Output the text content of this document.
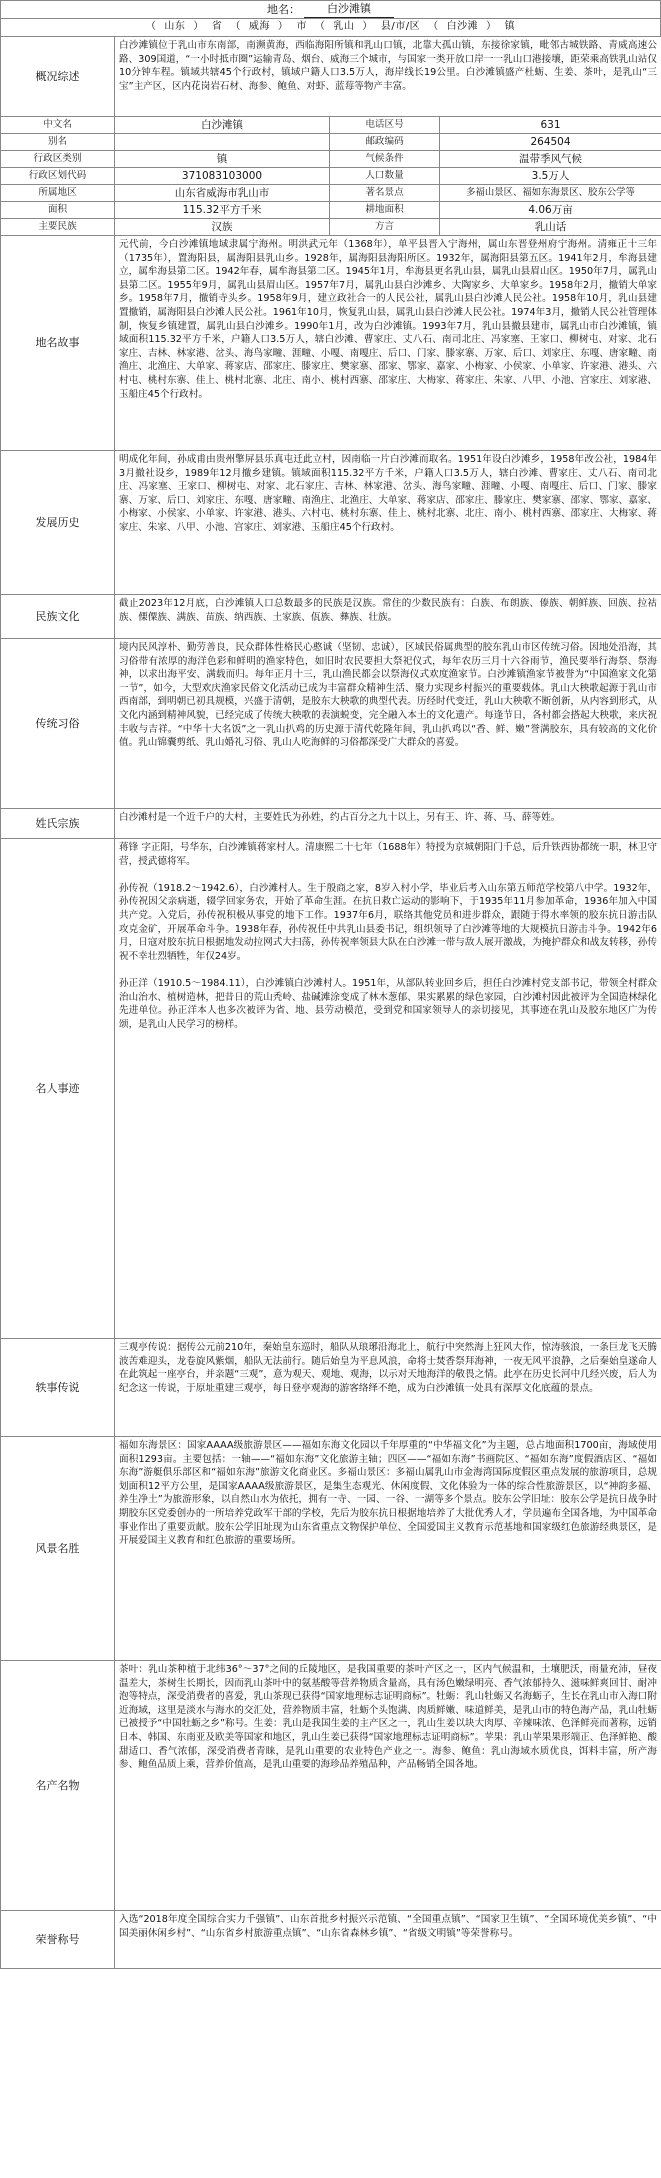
地名：	白沙滩镇
（ 山东 ） 省 （ 威海 ） 市 （ 乳山 ） 县/市/区 （ 白沙滩 ） 镇
概况综述	白沙滩镇位于乳山市东南部，南濒黄海，西临海阳所镇和乳山口镇，北靠大孤山镇，东接徐家镇，毗邻古城铁路、青威高速公路、309国道，“一小时抵市圈”运输青岛、烟台、威海三个城市，与国家一类开放口岸一一乳山口港接壤，距荣乘高铁乳山站仅10分钟车程。镇域共辖45个行政村，镇域户籍人口3.5万人，海岸线长19公里。白沙滩镇盛产杜蛎、生姜、茶叶，是乳山“三宝”主产区，区内花岗岩石材、海参、鲍鱼、对虾、蓝莓等物产丰富。		
中文名	白沙滩镇	电话区号	631
别名		邮政编码	264504
行政区类别	镇	气候条件	温带季风气候
行政区划代码	371083103000	人口数量	3.5万人
所属地区	山东省威海市乳山市	著名景点	多福山景区、福如东海景区、胶东公学等
面积	115.32平方千米	耕地面积	4.06万亩
主要民族	汉族	方言	乳山话
地名故事	元代前，今白沙滩镇地域隶属宁海州。明洪武元年（1368年），单平县晋入宁海州，属山东晋登州府宁海州。清雍正十三年（1735年），置海阳县，属海阳县乳山乡。1928年，属海阳县海阳所区。1932年，属海阳县第五区。1941年2月，牟海县建立，属牟海县第二区。1942年春，属牟海县第二区。1945年1月，牟海县更名乳山县，属乳山县眉山区。1950年7月，属乳山县第二区。1955年9月，属乳山县眉山区。1957年7月，属乳山县白沙滩乡、大陶家乡、大单家乡。1958年2月，撤销大单家乡。1958年7月，撤销寺头乡。1958年9月，建立政社合一的人民公社，属乳山县白沙滩人民公社。1958年10月，乳山县建置撤销，属海阳县白沙滩人民公社。1961年10月，恢复乳山县，属乳山县白沙滩人民公社。1974年3月，撤销人民公社管理体制，恢复乡镇建置，属乳山县白沙滩乡。1990年1月，改为白沙滩镇。1993年7月，乳山县撤县建市，属乳山市白沙滩镇，镇域面积115.32平方千米，户籍人口3.5万人，辖白沙滩、曹家庄、丈八石、南司北庄、冯家塞、王家口、柳树屯、对家、北石家庄、吉林、林家港、岔头、海鸟家疃、涯疃、小嘎、南嘎庄、后口、门家、滕家寨、万家、后口、刘家庄、东嘎、唐家疃、南渔庄、北渔庄、大单家、蒋家店、邵家庄、滕家庄、樊家寨、邵家、鄂家、嘉家、小梅家、小侯家、小单家、许家港、港头、六村屯、桃村东寨、佳上、桃村北寨、北庄、南小、桃村西寨、邵家庄、大梅家、蒋家庄、朱家、八甲、小池、宫家庄、刘家港、玉船庄45个行政村。		
发展历史	明成化年间，孙成甫由贵州擎屏县乐真屯迁此立村，因南临一片白沙滩而取名。1951年设白沙滩乡，1958年改公社，1984年3月撤社设乡，1989年12月撤乡建镇。镇域面积115.32平方千米，户籍人口3.5万人，辖白沙滩、曹家庄、丈八石、南司北庄、冯家塞、王家口、柳树屯、对家、北石家庄、吉林、林家港、岔头、海鸟家疃、涯疃、小嘎、南嘎庄、后口、门家、滕家寨、万家、后口、刘家庄、东嘎、唐家疃、南渔庄、北渔庄、大单家、蒋家店、邵家庄、滕家庄、樊家寨、邵家、鄂家、嘉家、小梅家、小侯家、小单家、许家港、港头、六村屯、桃村东寨、佳上、桃村北寨、北庄、南小、桃村西寨、邵家庄、大梅家、蒋家庄、朱家、八甲、小池、宫家庄、刘家港、玉船庄45个行政村。		
民族文化	截止2023年12月底，白沙滩镇人口总数最多的民族是汉族。常住的少数民族有：白族、布朗族、傣族、朝鲜族、回族、拉祜族、傈僳族、满族、苗族、纳西族、土家族、佤族、彝族、壮族。		
传统习俗	境内民风淳朴、勤劳善良，民众群体性格民心憨诚（坚韧、忠诚），区域民俗属典型的胶东乳山市区传统习俗。因地处沿海，其习俗带有浓厚的海洋色彩和鲜明的渔家特色，如旧时农民要担大祭祀仪式，每年农历三月十六谷雨节，渔民要举行海祭、祭海神，以求出海平安、满载而归。每年正月十三，乳山渔民都会以祭海仪式欢度渔家节。白沙滩镇渔家节被誉为“中国渔家文化第一节”，如今，大型欢庆渔家民俗文化活动已成为丰富群众精神生活、聚力实现乡村振兴的重要载体。乳山大秧歌起源于乳山市西南部，到明朝已初具规模，兴盛于清朝，是胶东大秧歌的典型代表。历经时代变迁，乳山大秧歌不断创新，从内容到形式，从文化内涵到精神风貌，已经完成了传统大秧歌的表演蜕变，完全融入本土的文化遗产。每逢节日，各村都会搭起大秧歌，来庆祝丰收与吉祥。“中华十大名饭”之一乳山扒鸡的历史源于清代乾隆年间，乳山扒鸡以“香、鲜、嫩”誉满胶东，具有较高的文化价值。乳山锦囊剪纸、乳山婚礼习俗、乳山人吃海鲜的习俗都深受广大群众的喜爱。		
姓氏宗族	白沙滩村是一个近千户的大村，主要姓氏为孙姓，约占百分之九十以上，另有王、许、蒋、马、薛等姓。		
名人事迹	蒋锋 字正阳，号华东，白沙滩镇蒋家村人。清康熙二十七年（1688年）特授为京城朝阳门千总，后升铁西协都统一职，林卫守营，授武德将军。

孙传祝（1918.2～1942.6），白沙滩村人。生于殷商之家，8岁入村小学，毕业后考入山东第五师范学校第八中学。1932年，孙传祝因父亲病逝，辍学回家务农，开始了革命生涯。在抗日救亡运动的影响下，于1935年11月参加革命，1936年加入中国共产党。入党后，孙传祝积极从事党的地下工作。1937年6月，联络其他党员和进步群众，跟随于得水率领的胶东抗日游击队攻克金矿，开展革命斗争。1938年春，孙传祝任中共乳山县委书记，组织领导了白沙滩等地的大规模抗日游击斗争。1942年6月，日寇对胶东抗日根据地发动拉网式大扫荡，孙传祝率领县大队在白沙滩一带与敌人展开激战，为掩护群众和战友转移，孙传祝不幸壮烈牺牲，年仅24岁。

孙正洋（1910.5～1984.11），白沙滩镇白沙滩村人。1951年，从部队转业回乡后，担任白沙滩村党支部书记，带领全村群众治山治水、植树造林，把昔日的荒山秃岭、盐碱滩涂变成了林木葱郁、果实累累的绿色家园，白沙滩村因此被评为全国造林绿化先进单位。孙正洋本人也多次被评为省、地、县劳动模范，受到党和国家领导人的亲切接见，其事迹在乳山及胶东地区广为传颂，是乳山人民学习的榜样。		
轶事传说	三观亭传说：据传公元前210年，秦始皇东巡时，船队从琅琊沿海北上，航行中突然海上狂风大作，惊涛骇浪，一条巨龙飞天腾波苦难迎头，龙卷旋风紫烟，船队无法前行。随后始皇为平息风浪，命将士焚香祭拜海神，一夜无风平浪静，之后秦始皇遂命人在此筑起一座亭台，并亲题“三观”，意为观天、观地、观海，以示对天地海洋的敬畏之情。此亭在历史长河中几经兴废，后人为纪念这一传说，于原址重建三观亭，每日登亭观海的游客络绎不绝，成为白沙滩镇一处具有深厚文化底蕴的景点。		
风景名胜	福如东海景区：国家AAAA级旅游景区——福如东海文化园以千年厚重的“中华福文化”为主题，总占地面积1700亩，海域使用面积1293亩。主要包括：一轴——“福如东海”文化旅游主轴；四区——“福如东海”书画院区、“福如东海”度假酒店区、“福如东海”游艇俱乐部区和“福如东海”旅游文化商业区。多福山景区：多福山属乳山市金海湾国际度假区重点发展的旅游项目，总规划面积12平方公里，是国家AAAA级旅游景区，是集生态观光、休闲度假、文化体验为一体的综合性旅游景区，以“神韵多福、养生净土”为旅游形象，以自然山水为依托，拥有一寺、一园、一谷、一湖等多个景点。胶东公学旧址：胶东公学是抗日战争时期胶东区党委创办的一所培养党政军干部的学校，先后为胶东抗日根据地培养了大批优秀人才，学员遍布全国各地，为中国革命事业作出了重要贡献。胶东公学旧址现为山东省重点文物保护单位、全国爱国主义教育示范基地和国家级红色旅游经典景区，是开展爱国主义教育和红色旅游的重要场所。		
名产名物	茶叶：乳山茶种植于北纬36°～37°之间的丘陵地区，是我国重要的茶叶产区之一，区内气候温和，土壤肥沃，雨量充沛，昼夜温差大，茶树生长期长，因而乳山茶叶中的氨基酸等营养物质含量高，具有汤色嫩绿明亮、香气浓郁持久、滋味鲜爽回甘、耐冲泡等特点，深受消费者的喜爱，乳山茶现已获得“国家地理标志证明商标”。牡蛎：乳山牡蛎又名海蛎子，生长在乳山市入海口附近海域，这里是淡水与海水的交汇处，营养物质丰富，牡蛎个头饱满、肉质鲜嫩、味道鲜美，是乳山市的特色海产品，乳山牡蛎已被授予“中国牡蛎之乡”称号。生姜：乳山是我国生姜的主产区之一，乳山生姜以块大肉厚、辛辣味浓、色泽鲜亮而著称，远销日本、韩国、东南亚及欧美等国家和地区，乳山生姜已获得“国家地理标志证明商标”。苹果：乳山苹果果形端正、色泽鲜艳、酸甜适口、香气浓郁，深受消费者青睐，是乳山重要的农业特色产业之一。海参、鲍鱼：乳山海域水质优良，饵料丰富，所产海参、鲍鱼品质上乘，营养价值高，是乳山重要的海珍品养殖品种，产品畅销全国各地。		
荣誉称号	入选“2018年度全国综合实力千强镇”、山东首批乡村振兴示范镇、“全国重点镇”、“国家卫生镇”、“全国环境优美乡镇”、“中国美丽休闲乡村”、“山东省乡村旅游重点镇”、“山东省森林乡镇”、“省级文明镇”等荣誉称号。		
